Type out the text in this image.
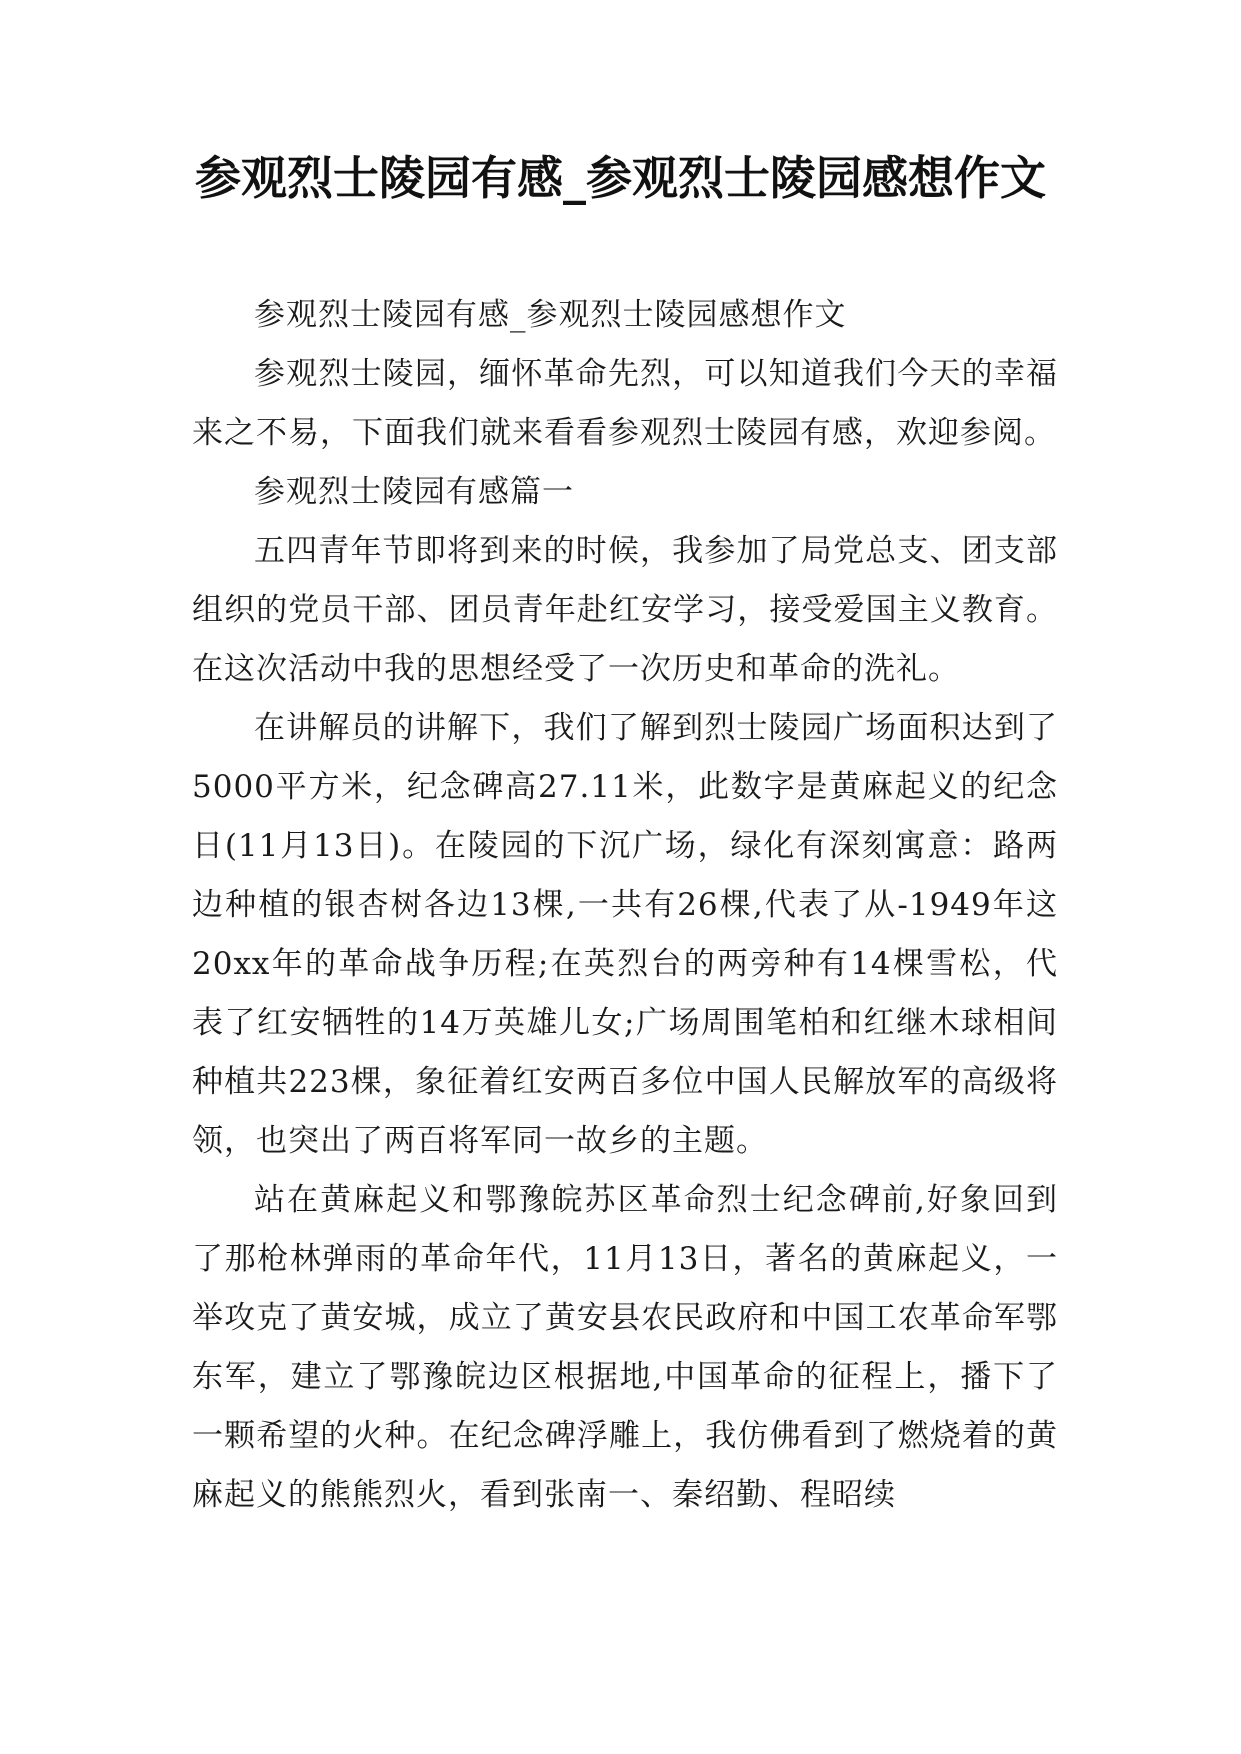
参观烈士陵园有感_参观烈士陵园感想作文

参观烈士陵园有感_参观烈士陵园感想作文

参观烈士陵园，缅怀革命先烈，可以知道我们今天的幸福来之不易，下面我们就来看看参观烈士陵园有感，欢迎参阅。

参观烈士陵园有感篇一

五四青年节即将到来的时候，我参加了局党总支、团支部组织的党员干部、团员青年赴红安学习，接受爱国主义教育。在这次活动中我的思想经受了一次历史和革命的洗礼。

在讲解员的讲解下，我们了解到烈士陵园广场面积达到了5000平方米，纪念碑高27.11米，此数字是黄麻起义的纪念日(11月13日)。在陵园的下沉广场，绿化有深刻寓意：路两边种植的银杏树各边13棵,一共有26棵,代表了从-1949年这20xx年的革命战争历程;在英烈台的两旁种有14棵雪松，代表了红安牺牲的14万英雄儿女;广场周围笔柏和红继木球相间种植共223棵，象征着红安两百多位中国人民解放军的高级将领，也突出了两百将军同一故乡的主题。

站在黄麻起义和鄂豫皖苏区革命烈士纪念碑前,好象回到了那枪林弹雨的革命年代，11月13日，著名的黄麻起义，一举攻克了黄安城，成立了黄安县农民政府和中国工农革命军鄂东军，建立了鄂豫皖边区根据地,中国革命的征程上，播下了一颗希望的火种。在纪念碑浮雕上，我仿佛看到了燃烧着的黄麻起义的熊熊烈火，看到张南一、秦绍勤、程昭续
